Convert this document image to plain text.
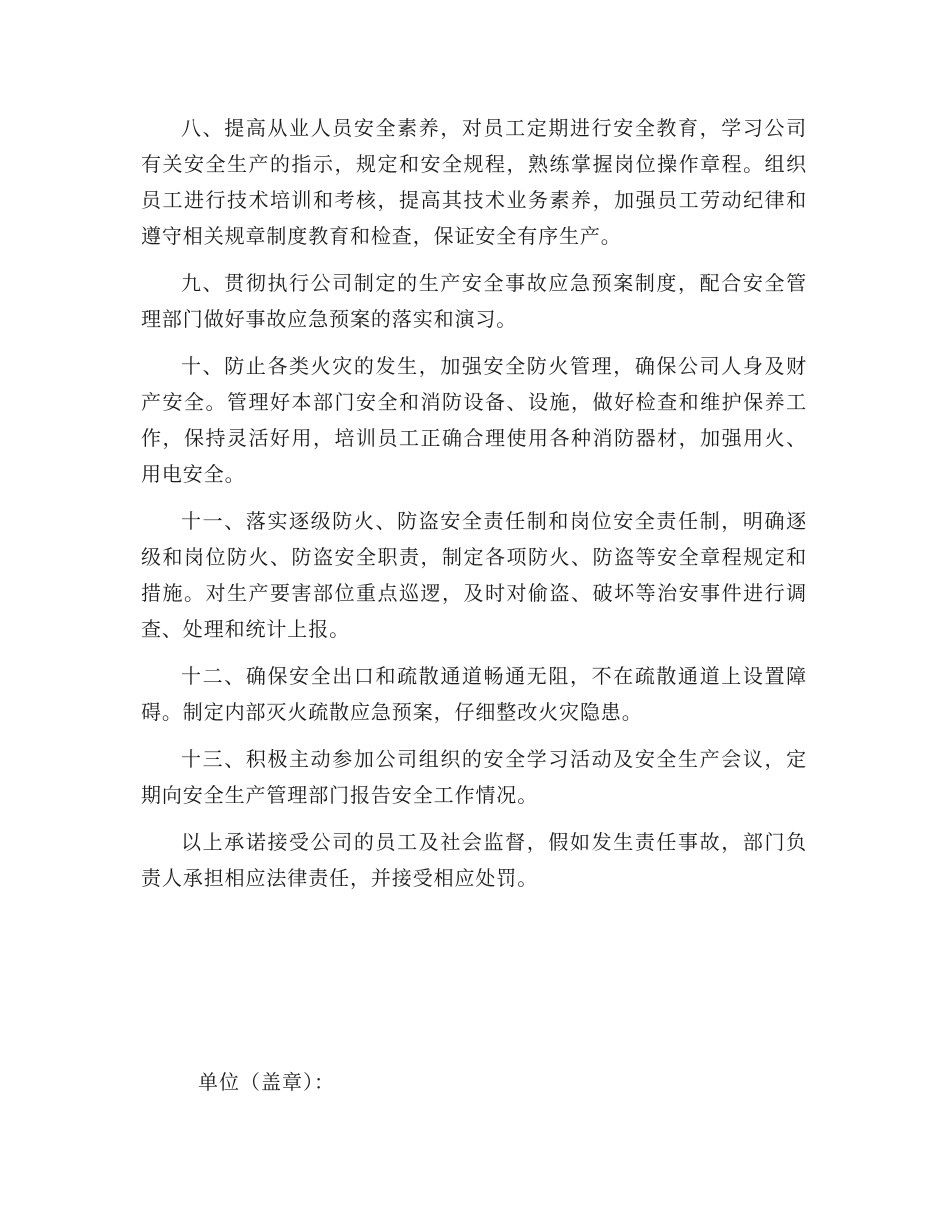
八、提高从业人员安全素养，对员工定期进行安全教育，学习公司有关安全生产的指示，规定和安全规程，熟练掌握岗位操作章程。组织员工进行技术培训和考核，提高其技术业务素养，加强员工劳动纪律和遵守相关规章制度教育和检查，保证安全有序生产。

九、贯彻执行公司制定的生产安全事故应急预案制度，配合安全管理部门做好事故应急预案的落实和演习。

十、防止各类火灾的发生，加强安全防火管理，确保公司人身及财产安全。管理好本部门安全和消防设备、设施，做好检查和维护保养工作，保持灵活好用，培训员工正确合理使用各种消防器材，加强用火、用电安全。

十一、落实逐级防火、防盗安全责任制和岗位安全责任制，明确逐级和岗位防火、防盗安全职责，制定各项防火、防盗等安全章程规定和措施。对生产要害部位重点巡逻，及时对偷盗、破坏等治安事件进行调查、处理和统计上报。

十二、确保安全出口和疏散通道畅通无阻，不在疏散通道上设置障碍。制定内部灭火疏散应急预案，仔细整改火灾隐患。

十三、积极主动参加公司组织的安全学习活动及安全生产会议，定期向安全生产管理部门报告安全工作情况。

以上承诺接受公司的员工及社会监督，假如发生责任事故，部门负责人承担相应法律责任，并接受相应处罚。

单位（盖章）：
